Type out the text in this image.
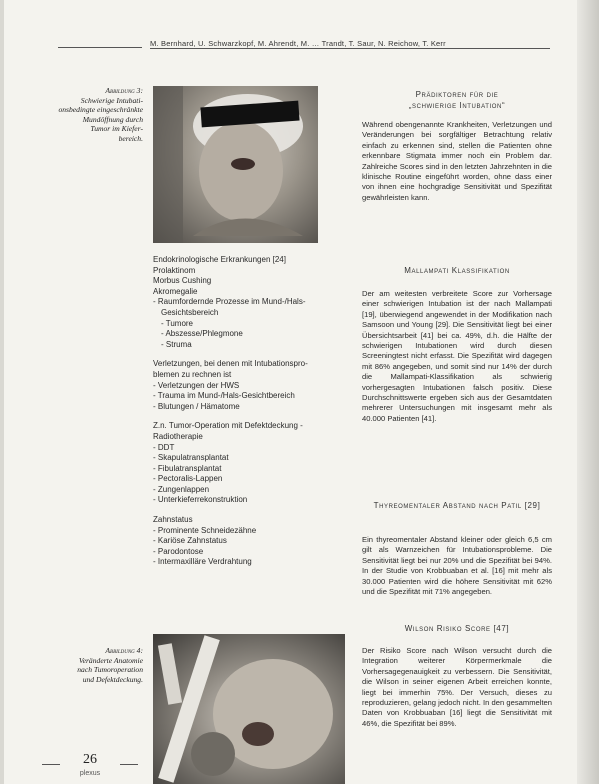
M. Bernhard, U. Schwarzkopf, M. Ahrendt, M. … Trandt, T. Saur, N. Reichow, T. Kerr
Abbildung 3:
Schwierige Intubati-
onsbedingte eingeschränkte
Mundöffnung durch
Tumor im Kiefer-
bereich.
Endokrinologische Erkrankungen [24]
Prolaktinom
Morbus Cushing
Akromegalie
- Raumfordernde Prozesse im Mund-/Hals-
Gesichtsbereich
- Tumore
- Abszesse/Phlegmone
- Struma
Verletzungen, bei denen mit Intubationspro-
blemen zu rechnen ist
- Verletzungen der HWS
- Trauma im Mund-/Hals-Gesichtbereich
- Blutungen / Hämatome
Z.n. Tumor-Operation mit Defektdeckung -
Radiotherapie
- DDT
- Skapulatransplantat
- Fibulatransplantat
- Pectoralis-Lappen
- Zungenlappen
- Unterkieferrekonstruktion
Zahnstatus
- Prominente Schneidezähne
- Kariöse Zahnstatus
- Parodontose
- Intermaxilläre Verdrahtung
Prädiktoren für die
„schwierige Intubation“
Während obengenannte Krankheiten, Verletzungen und Veränderungen bei sorgfältiger Betrachtung relativ einfach zu erkennen sind, stellen die Patienten ohne erkennbare Stigmata immer noch ein Problem dar. Zahlreiche Scores sind in den letzten Jahrzehnten in die klinische Routine eingeführt worden, ohne dass einer von ihnen eine hochgradige Sensitivität und Spezifität gewährleisten kann.
Mallampati Klassifikation
Der am weitesten verbreitete Score zur Vorhersage einer schwierigen Intubation ist der nach Mallampati [19], überwiegend angewendet in der Modifikation nach Samsoon und Young [29]. Die Sensitivität liegt bei einer Übersichtsarbeit [41] bei ca. 49%, d.h. die Hälfte der schwierigen Intubationen wird durch diesen Screeningtest nicht erfasst. Die Spezifität wird dagegen mit 86% angegeben, und somit sind nur 14% der durch die Mallampati-Klassifikation als schwierig vorhergesagten Intubationen falsch positiv. Diese Durchschnittswerte ergeben sich aus der Gesamtdaten mehrerer Untersuchungen mit insgesamt mehr als 40.000 Patienten [41].
Thyreomentaler Abstand nach Patil [29]
Ein thyreomentaler Abstand kleiner oder gleich 6,5 cm gilt als Warnzeichen für Intubationsprobleme. Die Sensitivität liegt bei nur 20% und die Spezifität bei 94%. In der Studie von Krobbuaban et al. [16] mit mehr als 30.000 Patienten wird die höhere Sensitivität mit 62% und die Spezifität mit 71% angegeben.
Wilson Risiko Score [47]
Der Risiko Score nach Wilson versucht durch die Integration weiterer Körpermerkmale die Vorhersagegenauigkeit zu verbessern. Die Sensitivität, die Wilson in seiner eigenen Arbeit erreichen konnte, liegt bei immerhin 75%. Der Versuch, dieses zu reproduzieren, gelang jedoch nicht. In den gesammelten Daten von Krobbuaban [16] liegt die Sensitivität mit 46%, die Spezifität bei 89%.
Abbildung 4:
Veränderte Anatomie
nach Tumoroperation
und Defektdeckung.
26
plexus
